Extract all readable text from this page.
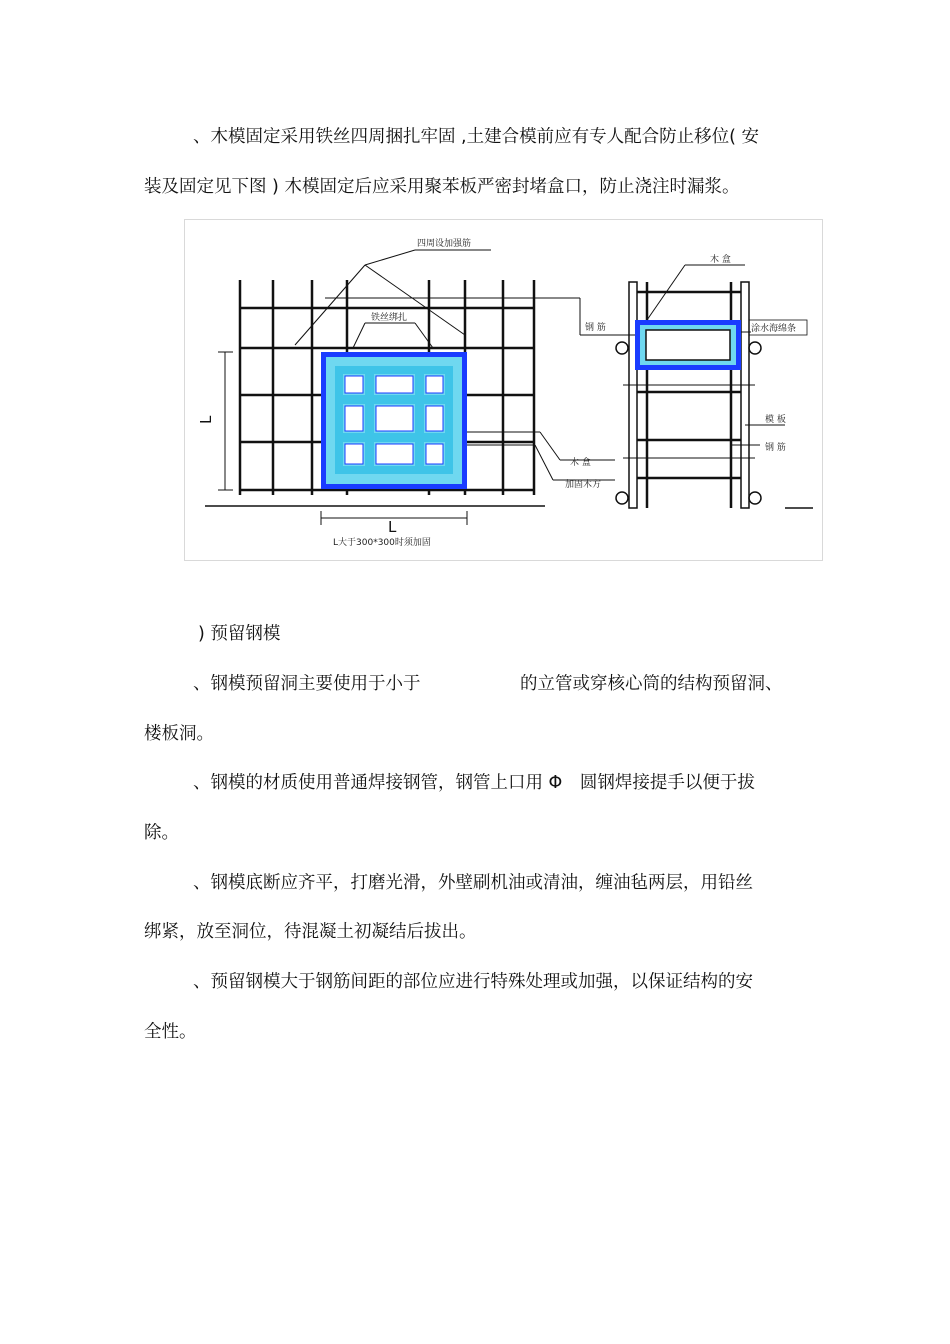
、木模固定采用铁丝四周捆扎牢固 ,土建合模前应有专人配合防止移位( 安
装及固定见下图 ) 木模固定后应采用聚苯板严密封堵盒口，防止浇注时漏浆。
四周设加强筋
铁丝绑扎
L
L
木 盒
加固木方
L大于300*300时须加固
钢 筋
木 盒
涂水海绵条
模 板
钢 筋
) 预留钢模
、钢模预留洞主要使用于小于	的立管或穿核心筒的结构预留洞、
楼板洞。
、钢模的材质使用普通焊接钢管，钢管上口用 Φ　圆钢焊接提手以便于拔
除。
、钢模底断应齐平，打磨光滑，外壁刷机油或清油，缠油毡两层，用铅丝
绑紧，放至洞位，待混凝土初凝结后拔出。
、预留钢模大于钢筋间距的部位应进行特殊处理或加强，以保证结构的安
全性。
